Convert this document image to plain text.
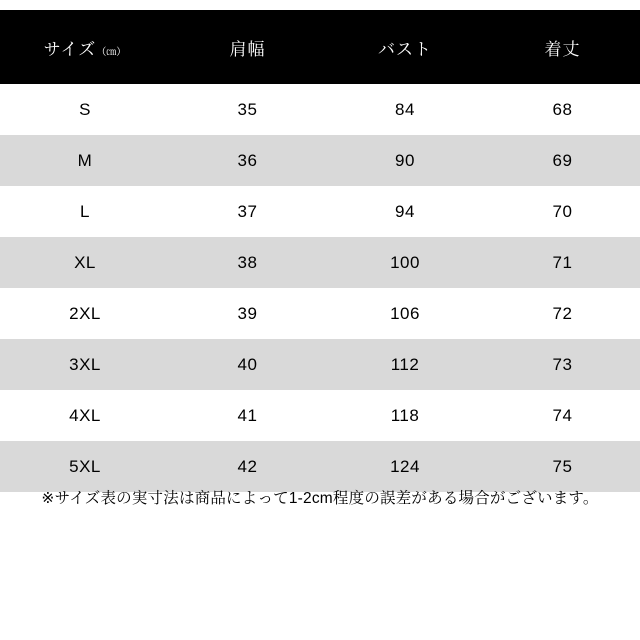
サイズ（㎝）	肩幅	バスト	着丈
S	35	84	68
M	36	90	69
L	37	94	70
XL	38	100	71
2XL	39	106	72
3XL	40	112	73
4XL	41	118	74
5XL	42	124	75
※サイズ表の実寸法は商品によって1-2cm程度の誤差がある場合がございます。
